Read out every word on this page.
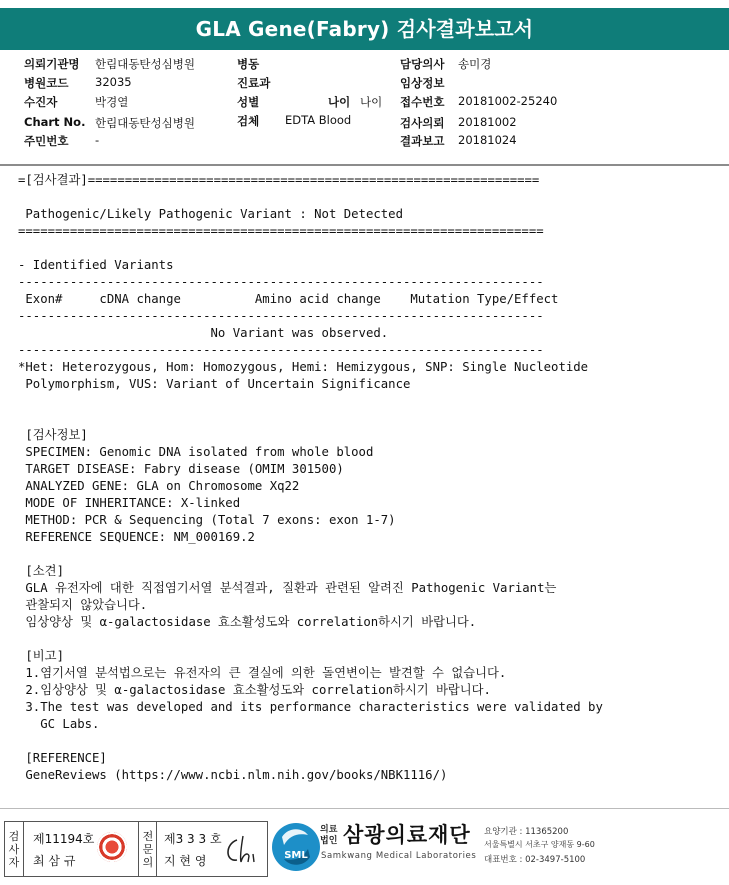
GLA Gene(Fabry) 검사결과보고서
의뢰기관명 한림대동탄성심병원
병원코드 32035
수진자	박경열
Chart No. 한림대동탄성심병원
주민번호 -
병동
진료과
성별
검체 EDTA Blood
나이 나이
담당의사 송미경
임상정보
접수번호 20181002-25240
검사의뢰 20181002
결과보고 20181024
=[검사결과]=============================================================
Pathogenic/Likely Pathogenic Variant : Not Detected
=======================================================================
- Identified Variants
-----------------------------------------------------------------------
Exon#     cDNA change          Amino acid change    Mutation Type/Effect
-----------------------------------------------------------------------
No Variant was observed.
-----------------------------------------------------------------------
*Het: Heterozygous, Hom: Homozygous, Hemi: Hemizygous, SNP: Single Nucleotide
Polymorphism, VUS: Variant of Uncertain Significance
[검사정보]
SPECIMEN: Genomic DNA isolated from whole blood
TARGET DISEASE: Fabry disease (OMIM 301500)
ANALYZED GENE: GLA on Chromosome Xq22
MODE OF INHERITANCE: X-linked
METHOD: PCR & Sequencing (Total 7 exons: exon 1-7)
REFERENCE SEQUENCE: NM_000169.2
[소견]
GLA 유전자에 대한 직접염기서열 분석결과, 질환과 관련된 알려진 Pathogenic Variant는
관찰되지 않았습니다.
임상양상 및 α-galactosidase 효소활성도와 correlation하시기 바랍니다.
[비고]
1.염기서열 분석법으로는 유전자의 큰 결실에 의한 돌연변이는 발견할 수 없습니다.
2.임상양상 및 α-galactosidase 효소활성도와 correlation하시기 바랍니다.
3.The test was developed and its performance characteristics were validated by
GC Labs.
[REFERENCE]
GeneReviews (https://www.ncbi.nlm.nih.gov/books/NBK1116/)
검
사
자
제11194호
최 삼 규
전
문
의
제3 3 3 호
지 현 영	SML
의료법인 삼광의료재단
Samkwang Medical Laboratories
요양기관 : 11365200
서울특별시 서초구 양재동 9-60
대표번호 : 02-3497-5100
